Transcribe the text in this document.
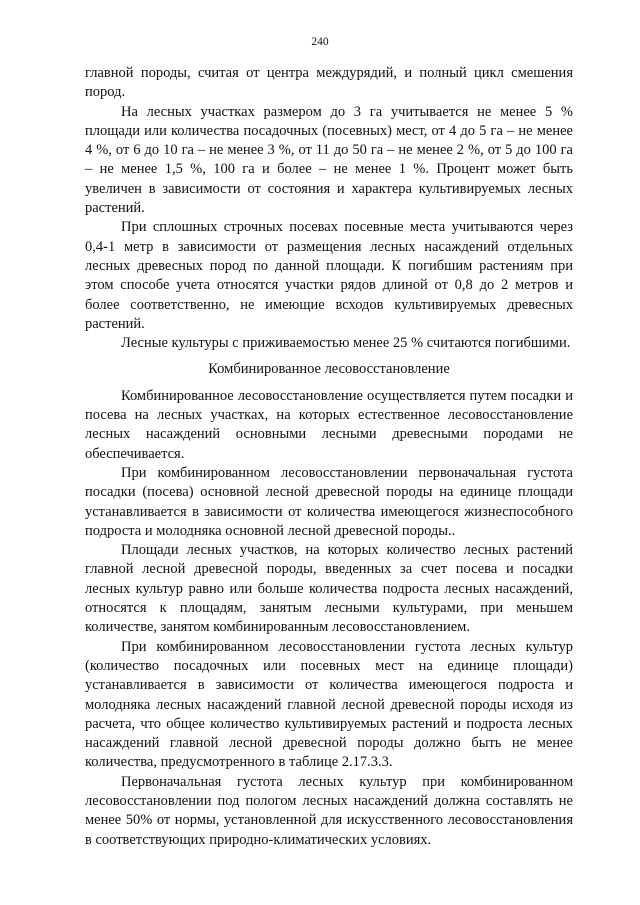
240

главной породы, считая от центра междурядий, и полный цикл смешения пород.

На лесных участках размером до 3 га учитывается не менее 5 % площади или количества посадочных (посевных) мест, от 4 до 5 га – не менее 4 %, от 6 до 10 га – не менее 3 %, от 11 до 50 га – не менее 2 %, от 5 до 100 га – не менее 1,5 %, 100 га и более – не менее 1 %. Процент может быть увеличен в зависимости от состояния и характера культивируемых лесных растений.

При сплошных строчных посевах посевные места учитываются через 0,4-1 метр в зависимости от размещения лесных насаждений отдельных лесных древесных пород по данной площади. К погибшим растениям при этом способе учета относятся участки рядов длиной от 0,8 до 2 метров и более соответственно, не имеющие всходов культивируемых древесных растений.

Лесные культуры с приживаемостью менее 25 % считаются погибшими.

Комбинированное лесовосстановление

Комбинированное лесовосстановление осуществляется путем посадки и посева на лесных участках, на которых естественное лесовосстановление лесных насаждений основными лесными древесными породами не обеспечивается.

При комбинированном лесовосстановлении первоначальная густота посадки (посева) основной лесной древесной породы на единице площади устанавливается в зависимости от количества имеющегося жизнеспособного подроста и молодняка основной лесной древесной породы..

Площади лесных участков, на которых количество лесных растений главной лесной древесной породы, введенных за счет посева и посадки лесных культур равно или больше количества подроста лесных насаждений, относятся к площадям, занятым лесными культурами, при меньшем количестве, занятом комбинированным лесовосстановлением.

При комбинированном лесовосстановлении густота лесных культур (количество посадочных или посевных мест на единице площади) устанавливается в зависимости от количества имеющегося подроста и молодняка лесных насаждений главной лесной древесной породы исходя из расчета, что общее количество культивируемых растений и подроста лесных насаждений главной лесной древесной породы должно быть не менее количества, предусмотренного в таблице 2.17.3.3.

Первоначальная густота лесных культур при комбинированном лесовосстановлении под пологом лесных насаждений должна составлять не менее 50% от нормы, установленной для искусственного лесовосстановления в соответствующих природно-климатических условиях.
